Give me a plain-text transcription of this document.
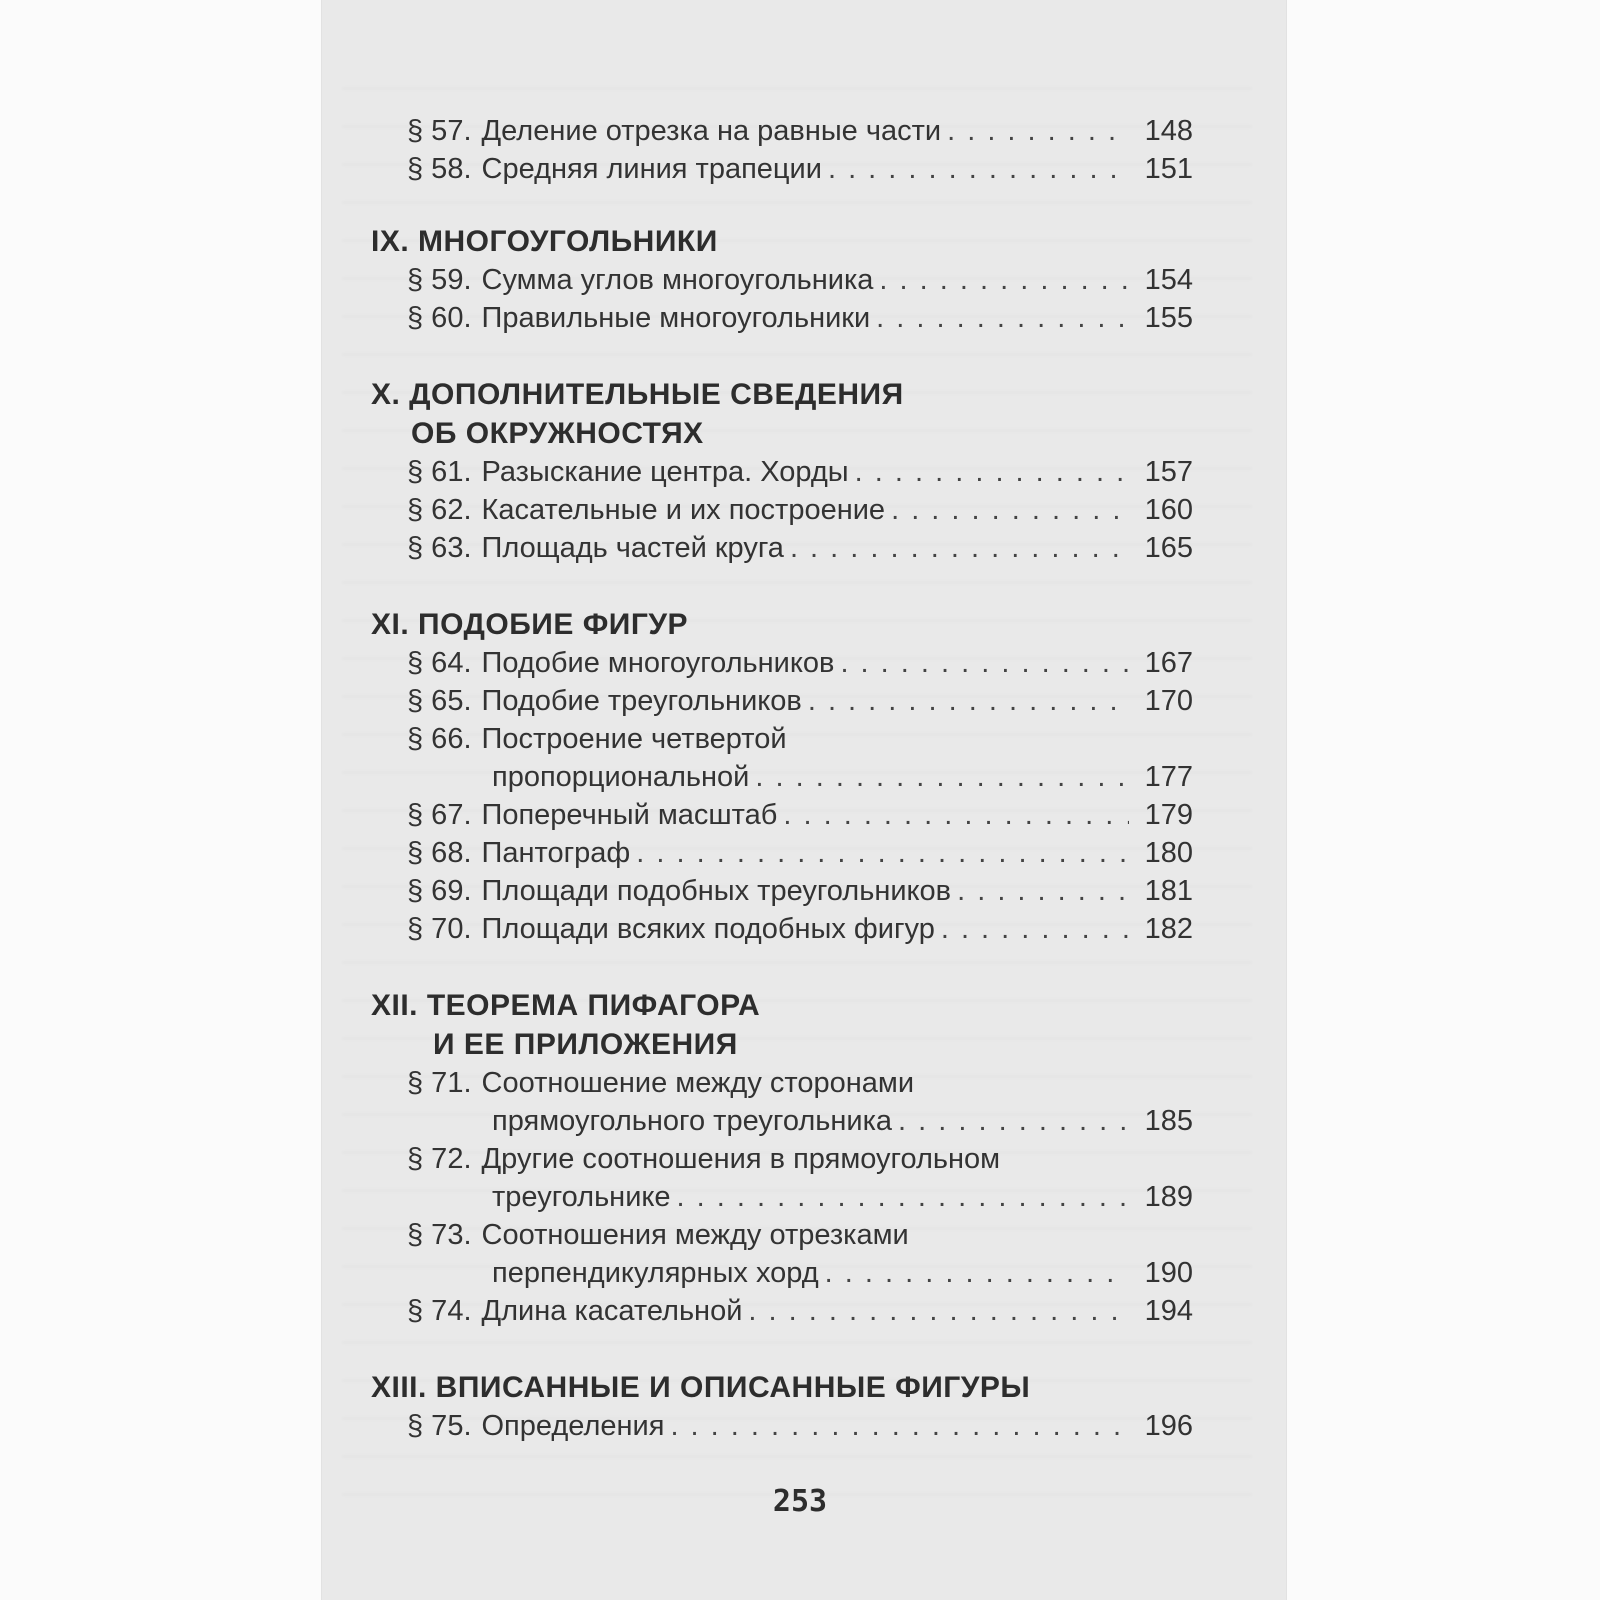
§ 57. Деление отрезка на равные части . . .	148
§ 58. Средняя линия трапеции . . .	151
IX. МНОГОУГОЛЬНИКИ
§ 59. Сумма углов многоугольника . . .	154
§ 60. Правильные многоугольники . . .	155
X. ДОПОЛНИТЕЛЬНЫЕ СВЕДЕНИЯ
ОБ ОКРУЖНОСТЯХ
§ 61. Разыскание центра. Хорды . . .	157
§ 62. Касательные и их построение . . .	160
§ 63. Площадь частей круга . . .	165
XI. ПОДОБИЕ ФИГУР
§ 64. Подобие многоугольников . . .	167
§ 65. Подобие треугольников . . .	170
§ 66. Построение четвертой
пропорциональной . . .	177
§ 67. Поперечный масштаб . . .	179
§ 68. Пантограф . . .	180
§ 69. Площади подобных треугольников . . .	181
§ 70. Площади всяких подобных фигур . . .	182
XII. ТЕОРЕМА ПИФАГОРА
И ЕЕ ПРИЛОЖЕНИЯ
§ 71. Соотношение между сторонами
прямоугольного треугольника . . .	185
§ 72. Другие соотношения в прямоугольном
треугольнике . . .	189
§ 73. Соотношения между отрезками
перпендикулярных хорд . . .	190
§ 74. Длина касательной . . .	194
XIII. ВПИСАННЫЕ И ОПИСАННЫЕ ФИГУРЫ
§ 75. Определения . . .	196
253
